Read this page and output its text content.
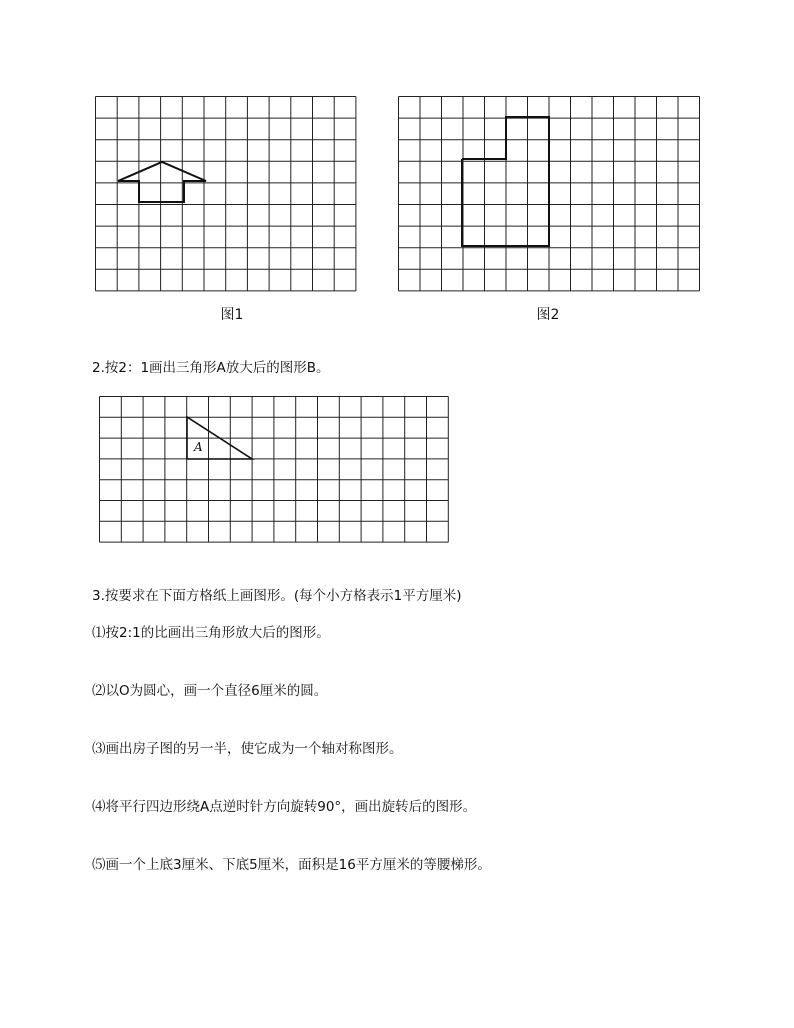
图1	图2
2.按2：1画出三角形A放大后的图形B。
A
3.按要求在下面方格纸上画图形。(每个小方格表示1平方厘米)
⑴按2:1的比画出三角形放大后的图形。
⑵以O为圆心，画一个直径6厘米的圆。
⑶画出房子图的另一半，使它成为一个轴对称图形。
⑷将平行四边形绕A点逆时针方向旋转90°，画出旋转后的图形。
⑸画一个上底3厘米、下底5厘米，面积是16平方厘米的等腰梯形。
